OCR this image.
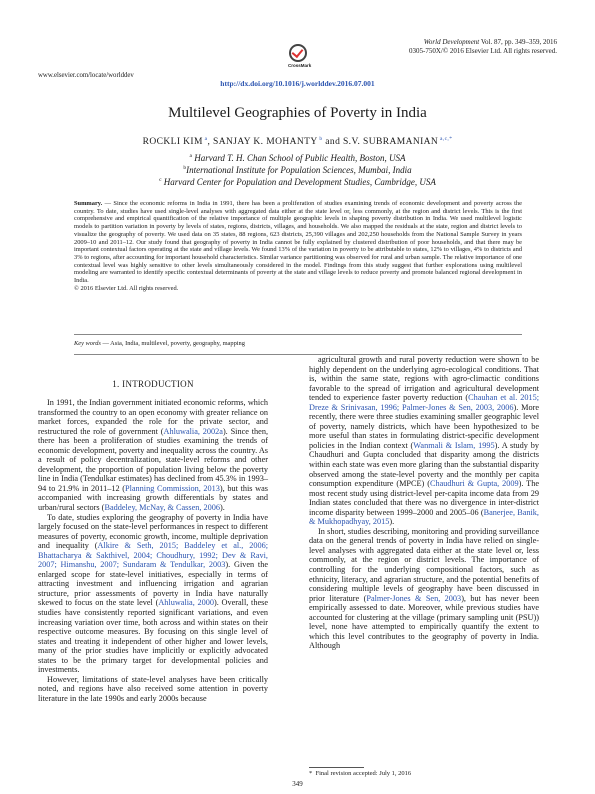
World Development Vol. 87, pp. 349–359, 2016
0305-750X/© 2016 Elsevier Ltd. All rights reserved.
CrossMark
www.elsevier.com/locate/worlddev
http://dx.doi.org/10.1016/j.worlddev.2016.07.001
Multilevel Geographies of Poverty in India
ROCKLI KIM $^a$, SANJAY K. MOHANTY $^b$ and S.V. SUBRAMANIAN $^{a,c,*}$
$^a$ Harvard T. H. Chan School of Public Health, Boston, USA
$^b$International Institute for Population Sciences, Mumbai, India
$^c$ Harvard Center for Population and Development Studies, Cambridge, USA
Summary. — Since the economic reforms in India in 1991, there has been a proliferation of studies examining trends of economic development and poverty across the country. To date, studies have used single-level analyses with aggregated data either at the state level or, less commonly, at the region and district levels. This is the first comprehensive and empirical quantification of the relative importance of multiple geographic levels in shaping poverty distribution in India. We used multilevel logistic models to partition variation in poverty by levels of states, regions, districts, villages, and households. We also mapped the residuals at the state, region and district levels to visualize the geography of poverty. We used data on 35 states, 88 regions, 623 districts, 25,390 villages and 202,250 households from the National Sample Survey in years 2009–10 and 2011–12. Our study found that geography of poverty in India cannot be fully explained by clustered distribution of poor households, and that there may be important contextual factors operating at the state and village levels. We found 13% of the variation in poverty to be attributable to states, 12% to villages, 4% to districts and 3% to regions, after accounting for important household characteristics. Similar variance partitioning was observed for rural and urban sample. The relative importance of one contextual level was highly sensitive to other levels simultaneously considered in the model. Findings from this study suggest that further explorations using multilevel modeling are warranted to identify specific contextual determinants of poverty at the state and village levels to reduce poverty and promote balanced regional development in India.
© 2016 Elsevier Ltd. All rights reserved.
Key words — Asia, India, multilevel, poverty, geography, mapping
1. INTRODUCTION

In 1991, the Indian government initiated economic reforms, which transformed the country to an open economy with greater reliance on market forces, expanded the role for the private sector, and restructured the role of government (Ahluwalia, 2002a). Since then, there has been a proliferation of studies examining the trends of economic development, poverty and inequality across the country. As a result of policy decentralization, state-level reforms and other development, the proportion of population living below the poverty line in India (Tendulkar estimates) has declined from 45.3% in 1993–94 to 21.9% in 2011–12 (Planning Commission, 2013), but this was accompanied with increasing growth differentials by states and urban/rural sectors (Baddeley, McNay, & Cassen, 2006).

To date, studies exploring the geography of poverty in India have largely focused on the state-level performances in respect to different measures of poverty, economic growth, income, multiple deprivation and inequality (Alkire & Seth, 2015; Baddeley et al., 2006; Bhattacharya & Sakthivel, 2004; Choudhury, 1992; Dev & Ravi, 2007; Himanshu, 2007; Sundaram & Tendulkar, 2003). Given the enlarged scope for state-level initiatives, especially in terms of attracting investment and influencing irrigation and agrarian structure, prior assessments of poverty in India have naturally skewed to focus on the state level (Ahluwalia, 2000). Overall, these studies have consistently reported significant variations, and even increasing variation over time, both across and within states on their respective outcome measures. By focusing on this single level of states and treating it independent of other higher and lower levels, many of the prior studies have implicitly or explicitly advocated states to be the primary target for developmental policies and investments.

However, limitations of state-level analyses have been critically noted, and regions have also received some attention in poverty literature in the late 1990s and early 2000s because

agricultural growth and rural poverty reduction were shown to be highly dependent on the underlying agro-ecological conditions. That is, within the same state, regions with agro-climactic conditions favorable to the spread of irrigation and agricultural development tended to experience faster poverty reduction (Chauhan et al. 2015; Dreze & Srinivasan, 1996; Palmer-Jones & Sen, 2003, 2006). More recently, there were three studies examining smaller geographic level of poverty, namely districts, which have been hypothesized to be more useful than states in formulating district-specific development policies in the Indian context (Wanmali & Islam, 1995). A study by Chaudhuri and Gupta concluded that disparity among the districts within each state was even more glaring than the substantial disparity observed among the state-level poverty and the monthly per capita consumption expenditure (MPCE) (Chaudhuri & Gupta, 2009). The most recent study using district-level per-capita income data from 29 Indian states concluded that there was no divergence in inter-district income disparity between 1999–2000 and 2005–06 (Banerjee, Banik, & Mukhopadhyay, 2015).

In short, studies describing, monitoring and providing surveillance data on the general trends of poverty in India have relied on single-level analyses with aggregated data either at the state level or, less commonly, at the region or district levels. The importance of controlling for the underlying compositional factors, such as ethnicity, literacy, and agrarian structure, and the potential benefits of considering multiple levels of geography have been discussed in prior literature (Palmer-Jones & Sen, 2003), but has never been empirically assessed to date. Moreover, while previous studies have accounted for clustering at the village (primary sampling unit (PSU)) level, none have attempted to empirically quantify the extent to which this level contributes to the geography of poverty in India. Although

* Final revision accepted: July 1, 2016
349
